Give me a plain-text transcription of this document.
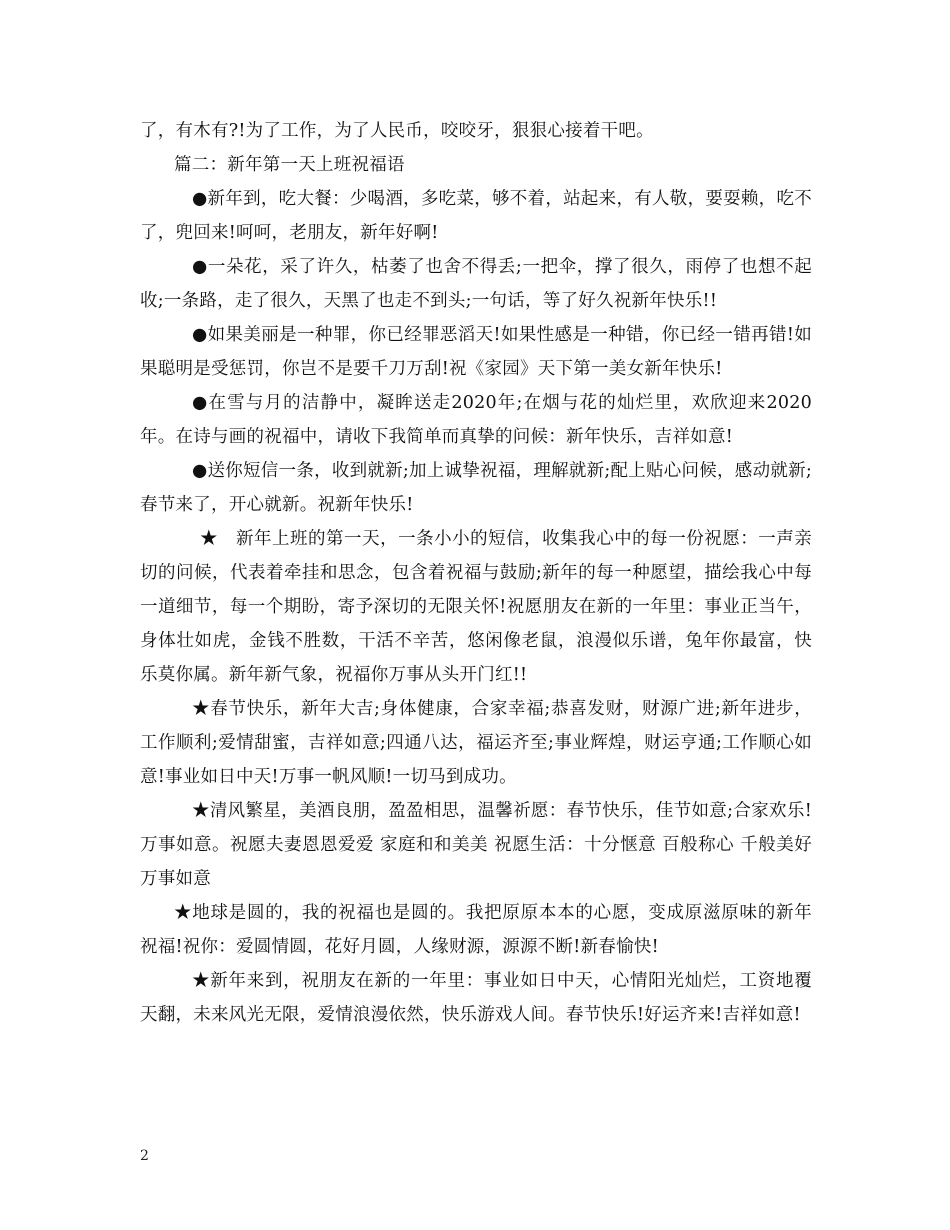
了，有木有?!为了工作，为了人民币，咬咬牙，狠狠心接着干吧。

篇二：新年第一天上班祝福语

●新年到，吃大餐：少喝酒，多吃菜，够不着，站起来，有人敬，要耍赖，吃不了，兜回来!呵呵，老朋友，新年好啊!

●一朵花，采了许久，枯萎了也舍不得丢;一把伞，撑了很久，雨停了也想不起收;一条路，走了很久，天黑了也走不到头;一句话，等了好久祝新年快乐!!

●如果美丽是一种罪，你已经罪恶滔天!如果性感是一种错，你已经一错再错!如果聪明是受惩罚，你岂不是要千刀万刮!祝《家园》天下第一美女新年快乐!

●在雪与月的洁静中，凝眸送走2020年;在烟与花的灿烂里，欢欣迎来2020年。在诗与画的祝福中，请收下我简单而真挚的问候：新年快乐，吉祥如意!

●送你短信一条，收到就新;加上诚挚祝福，理解就新;配上贴心问候，感动就新;春节来了，开心就新。祝新年快乐!

★　新年上班的第一天，一条小小的短信，收集我心中的每一份祝愿：一声亲切的问候，代表着牵挂和思念，包含着祝福与鼓励;新年的每一种愿望，描绘我心中每一道细节，每一个期盼，寄予深切的无限关怀!祝愿朋友在新的一年里：事业正当午，身体壮如虎，金钱不胜数，干活不辛苦，悠闲像老鼠，浪漫似乐谱，兔年你最富，快乐莫你属。新年新气象，祝福你万事从头开门红!!

★春节快乐，新年大吉;身体健康，合家幸福;恭喜发财，财源广进;新年进步，工作顺利;爱情甜蜜，吉祥如意;四通八达，福运齐至;事业辉煌，财运亨通;工作顺心如意!事业如日中天!万事一帆风顺!一切马到成功。

★清风繁星，美酒良朋，盈盈相思，温馨祈愿：春节快乐，佳节如意;合家欢乐!万事如意。祝愿夫妻恩恩爱爱 家庭和和美美 祝愿生活：十分惬意 百般称心 千般美好 万事如意

★地球是圆的，我的祝福也是圆的。我把原原本本的心愿，变成原滋原味的新年祝福!祝你：爱圆情圆，花好月圆，人缘财源，源源不断!新春愉快!

★新年来到，祝朋友在新的一年里：事业如日中天，心情阳光灿烂，工资地覆天翻，未来风光无限，爱情浪漫依然，快乐游戏人间。春节快乐!好运齐来!吉祥如意!

2
